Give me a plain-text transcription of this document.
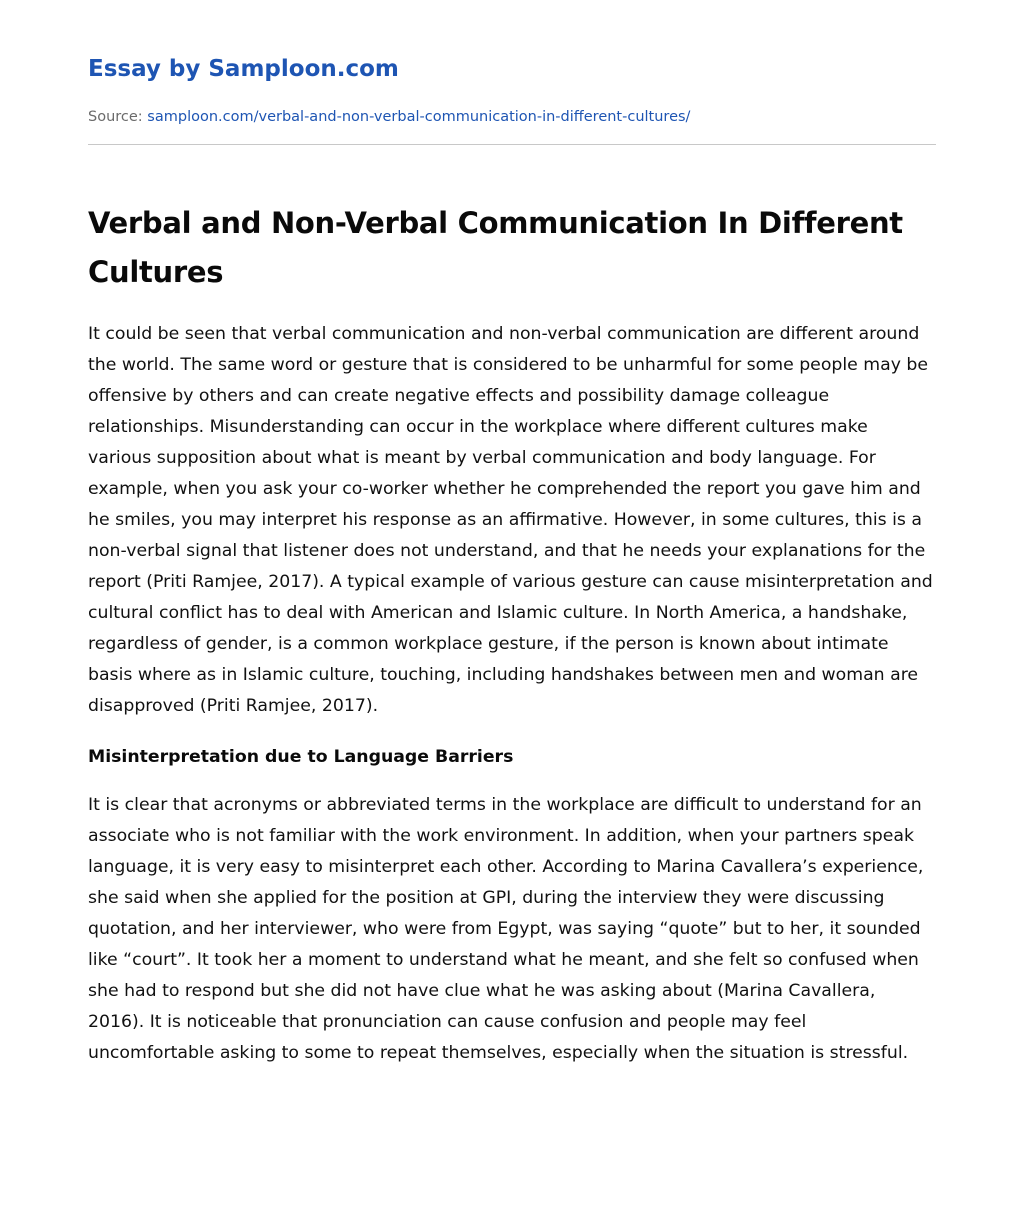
Essay by Samploon.com
Source: samploon.com/verbal-and-non-verbal-communication-in-different-cultures/
Verbal and Non-Verbal Communication In Different Cultures

It could be seen that verbal communication and non-verbal communication are different around the world. The same word or gesture that is considered to be unharmful for some people may be offensive by others and can create negative effects and possibility damage colleague relationships. Misunderstanding can occur in the workplace where different cultures make various supposition about what is meant by verbal communication and body language. For example, when you ask your co-worker whether he comprehended the report you gave him and he smiles, you may interpret his response as an affirmative. However, in some cultures, this is a non-verbal signal that listener does not understand, and that he needs your explanations for the report (Priti Ramjee, 2017). A typical example of various gesture can cause misinterpretation and cultural conflict has to deal with American and Islamic culture. In North America, a handshake, regardless of gender, is a common workplace gesture, if the person is known about intimate basis where as in Islamic culture, touching, including handshakes between men and woman are disapproved (Priti Ramjee, 2017).

Misinterpretation due to Language Barriers

It is clear that acronyms or abbreviated terms in the workplace are difficult to understand for an associate who is not familiar with the work environment. In addition, when your partners speak language, it is very easy to misinterpret each other. According to Marina Cavallera’s experience, she said when she applied for the position at GPI, during the interview they were discussing quotation, and her interviewer, who were from Egypt, was saying “quote” but to her, it sounded like “court”. It took her a moment to understand what he meant, and she felt so confused when she had to respond but she did not have clue what he was asking about (Marina Cavallera, 2016). It is noticeable that pronunciation can cause confusion and people may feel uncomfortable asking to some to repeat themselves, especially when the situation is stressful.
